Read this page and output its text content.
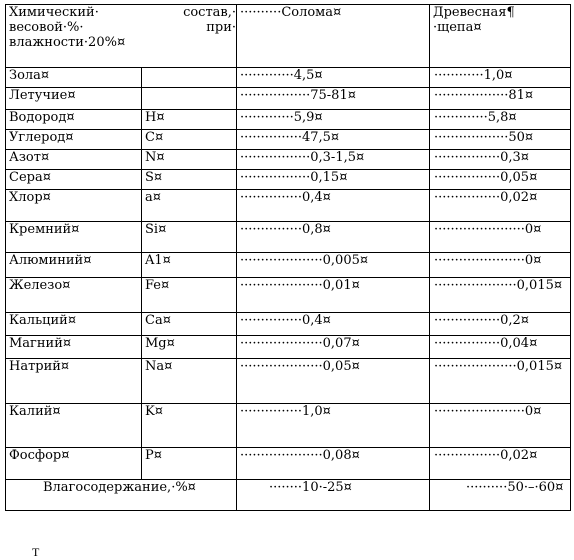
Химический· состав,·
весовой·%· при·
влажности·20%¤		··········Солома¤	Древесная¶
·щепа¤

Зола¤		·············4,5¤	············1,0¤
Летучие¤		·················75-81¤	··················81¤
Водород¤	H¤	·············5,9¤	·············5,8¤
Углерод¤	C¤	···············47,5¤	··················50¤
Азот¤	N¤	·················0,3-1,5¤	················0,3¤
Сера¤	S¤	·················0,15¤	················0,05¤
Хлор¤	a¤	···············0,4¤	················0,02¤
Кремний¤	Si¤	···············0,8¤	······················0¤
Алюминий¤	A1¤	····················0,005¤	······················0¤
Железо¤	Fe¤	····················0,01¤	····················0,015¤
Кальций¤	Ca¤	···············0,4¤	················0,2¤
Магний¤	Mg¤	····················0,07¤	················0,04¤
Натрий¤	Na¤	····················0,05¤	····················0,015¤
Калий¤	K¤	···············1,0¤	······················0¤
Фосфор¤	P¤	····················0,08¤	················0,02¤
Влагосодержание,·%¤		········10·-25¤	··········50·–·60¤
Т
